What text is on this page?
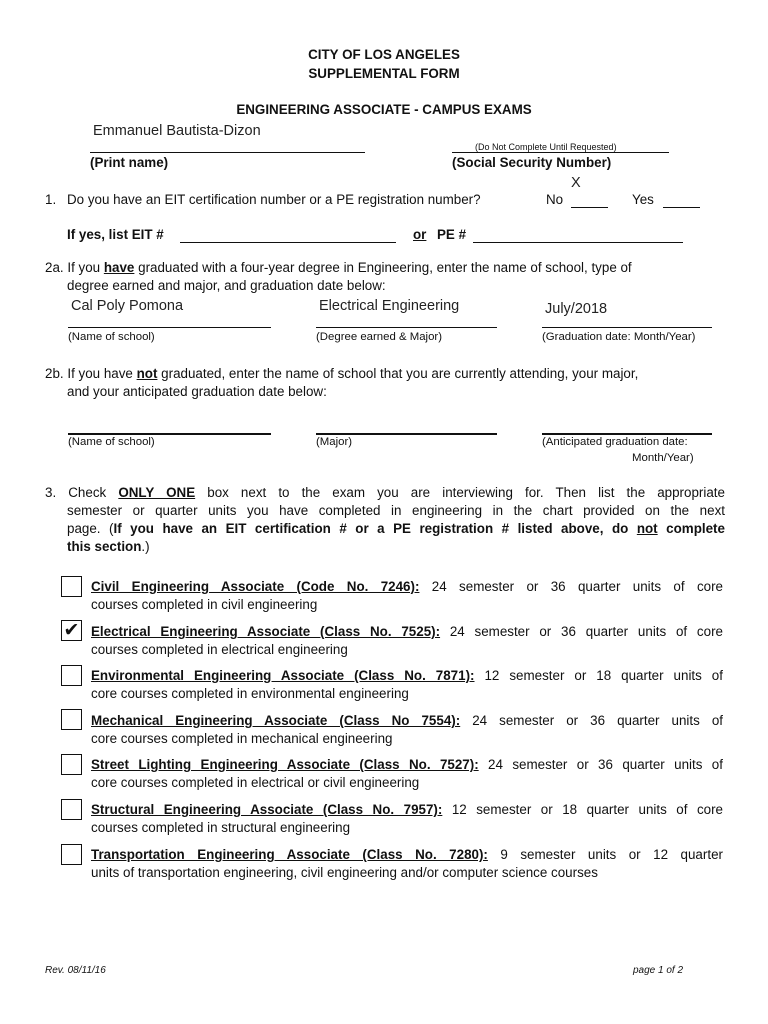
CITY OF LOS ANGELES
SUPPLEMENTAL FORM
ENGINEERING ASSOCIATE - CAMPUS EXAMS
Emmanuel Bautista-Dizon
(Print name)
(Do Not Complete Until Requested)
(Social Security Number)
1. Do you have an EIT certification number or a PE registration number?	No
X
Yes
If yes, list EIT #	or PE #
2a. If you have graduated with a four-year degree in Engineering, enter the name of school, type of
degree earned and major, and graduation date below:
Cal Poly Pomona	Electrical Engineering	July/2018
(Name of school)	(Degree earned & Major)	(Graduation date: Month/Year)
2b. If you have not graduated, enter the name of school that you are currently attending, your major,
and your anticipated graduation date below:
(Name of school)	(Major)	(Anticipated graduation date:
Month/Year)
3. Check ONLY ONE box next to the exam you are interviewing for. Then list the appropriate
semester or quarter units you have completed in engineering in the chart provided on the next
page. (If you have an EIT certification # or a PE registration # listed above, do not complete
this section.)
Civil Engineering Associate (Code No. 7246): 24 semester or 36 quarter units of core
courses completed in civil engineering
✔ Electrical Engineering Associate (Class No. 7525): 24 semester or 36 quarter units of core
courses completed in electrical engineering
Environmental Engineering Associate (Class No. 7871): 12 semester or 18 quarter units of
core courses completed in environmental engineering
Mechanical Engineering Associate (Class No 7554): 24 semester or 36 quarter units of
core courses completed in mechanical engineering
Street Lighting Engineering Associate (Class No. 7527): 24 semester or 36 quarter units of
core courses completed in electrical or civil engineering
Structural Engineering Associate (Class No. 7957): 12 semester or 18 quarter units of core
courses completed in structural engineering
Transportation Engineering Associate (Class No. 7280): 9 semester units or 12 quarter
units of transportation engineering, civil engineering and/or computer science courses
Rev. 08/11/16	page 1 of 2
